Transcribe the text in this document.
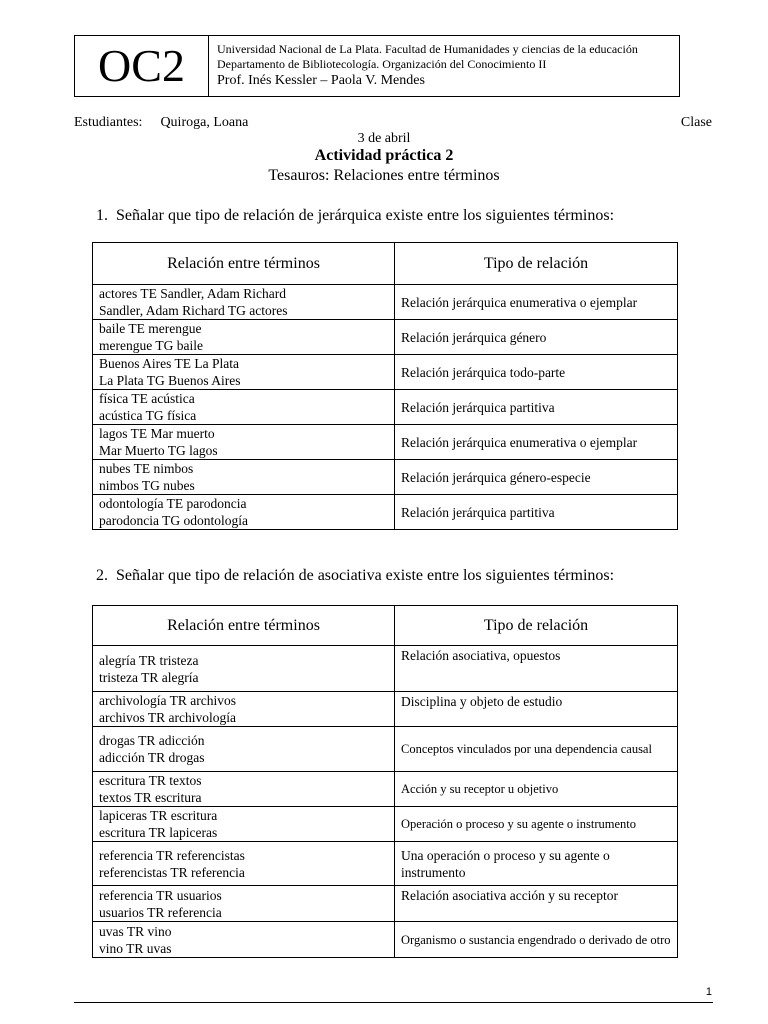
OC2	Universidad Nacional de La Plata. Facultad de Humanidades y ciencias de la educación
Departamento de Bibliotecología. Organización del Conocimiento II
Prof. Inés Kessler – Paola V. Mendes
Estudiantes: Quiroga, Loana	Clase
3 de abril
Actividad práctica 2
Tesauros: Relaciones entre términos
1. Señalar que tipo de relación de jerárquica existe entre los siguientes términos:
Relación entre términos	Tipo de relación

actores TE Sandler, Adam Richard
Sandler, Adam Richard TG actores	Relación jerárquica enumerativa o ejemplar

baile TE merengue
merengue TG baile	Relación jerárquica género

Buenos Aires TE La Plata
La Plata TG Buenos Aires	Relación jerárquica todo-parte

física TE acústica
acústica TG física	Relación jerárquica partitiva

lagos TE Mar muerto
Mar Muerto TG lagos	Relación jerárquica enumerativa o ejemplar

nubes TE nimbos
nimbos TG nubes	Relación jerárquica género-especie

odontología TE parodoncia
parodoncia TG odontología	Relación jerárquica partitiva
2. Señalar que tipo de relación de asociativa existe entre los siguientes términos:
Relación entre términos	Tipo de relación

alegría TR tristeza
tristeza TR alegría	Relación asociativa, opuestos

archivología TR archivos
archivos TR archivología	Disciplina y objeto de estudio

drogas TR adicción
adicción TR drogas	Conceptos vinculados por una dependencia causal

escritura TR textos
textos TR escritura	Acción y su receptor u objetivo

lapiceras TR escritura
escritura TR lapiceras	Operación o proceso y su agente o instrumento

referencia TR referencistas
referencistas TR referencia	Una operación o proceso y su agente o instrumento

referencia TR usuarios
usuarios TR referencia	Relación asociativa acción y su receptor

uvas TR vino
vino TR uvas	Organismo o sustancia engendrado o derivado de otro
1
